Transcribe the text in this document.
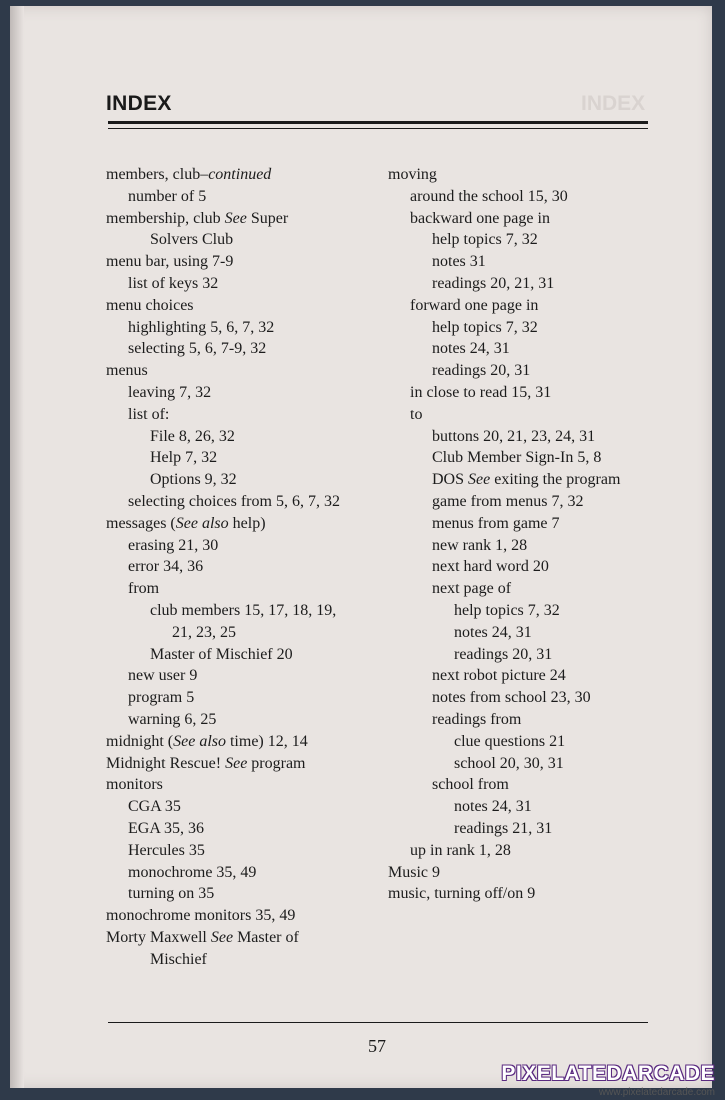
INDEX	INDEX
members, club–continued
number of 5
membership, club See Super
Solvers Club
menu bar, using 7-9
list of keys 32
menu choices
highlighting 5, 6, 7, 32
selecting 5, 6, 7-9, 32
menus
leaving 7, 32
list of:
File 8, 26, 32
Help 7, 32
Options 9, 32
selecting choices from 5, 6, 7, 32
messages (See also help)
erasing 21, 30
error 34, 36
from
club members 15, 17, 18, 19,
21, 23, 25
Master of Mischief 20
new user 9
program 5
warning 6, 25
midnight (See also time) 12, 14
Midnight Rescue! See program
monitors
CGA 35
EGA 35, 36
Hercules 35
monochrome 35, 49
turning on 35
monochrome monitors 35, 49
Morty Maxwell See Master of
Mischief
moving
around the school 15, 30
backward one page in
help topics 7, 32
notes 31
readings 20, 21, 31
forward one page in
help topics 7, 32
notes 24, 31
readings 20, 31
in close to read 15, 31
to
buttons 20, 21, 23, 24, 31
Club Member Sign-In 5, 8
DOS See exiting the program
game from menus 7, 32
menus from game 7
new rank 1, 28
next hard word 20
next page of
help topics 7, 32
notes 24, 31
readings 20, 31
next robot picture 24
notes from school 23, 30
readings from
clue questions 21
school 20, 30, 31
school from
notes 24, 31
readings 21, 31
up in rank 1, 28
Music 9
music, turning off/on 9
57
PIXELATEDARCADE
www.pixelatedarcade.com
